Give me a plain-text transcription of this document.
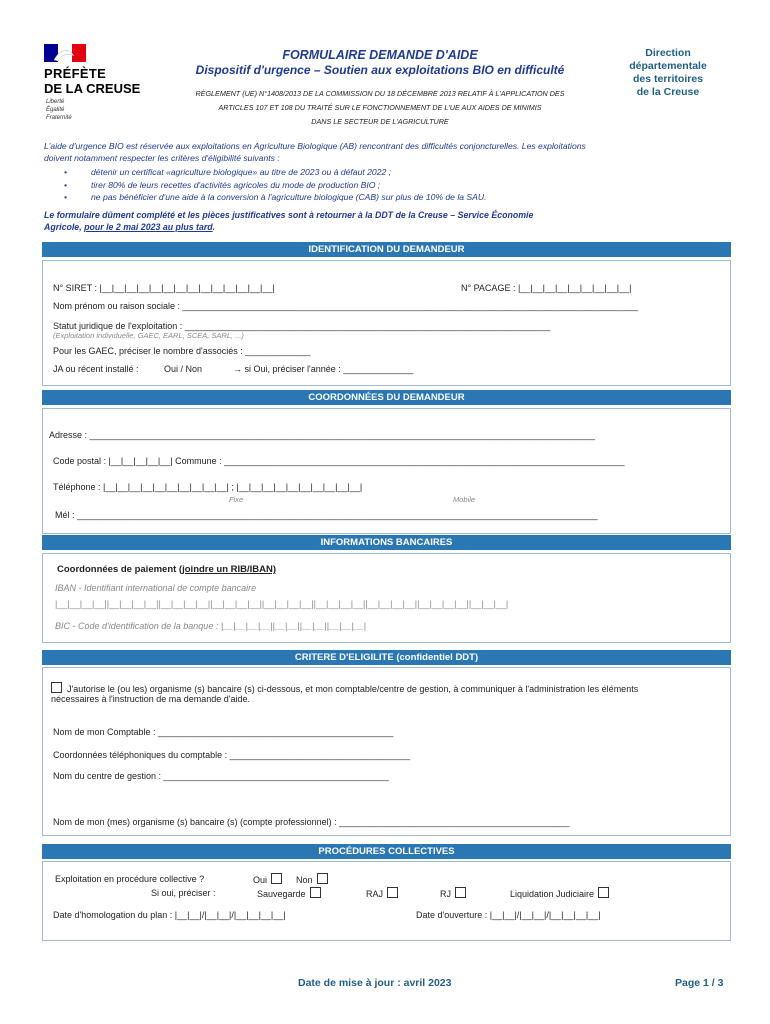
PRÉFÈTE
DE LA CREUSE
Liberté
Égalité
Fraternité
FORMULAIRE DEMANDE D'AIDE
Dispositif d'urgence – Soutien aux exploitations BIO en difficulté
RÈGLEMENT (UE) N°1408/2013 DE LA COMMISSION DU 18 DÉCEMBRE 2013 RELATIF À L'APPLICATION DES
ARTICLES 107 ET 108 DU TRAITÉ SUR LE FONCTIONNEMENT DE L'UE AUX AIDES DE MINIMIS
DANS LE SECTEUR DE L'AGRICULTURE
Direction
départementale
des territoires
de la Creuse
L'aide d'urgence BIO est réservée aux exploitations en Agriculture Biologique (AB) rencontrant des difficultés conjoncturelles. Les exploitations
doivent notamment respecter les critères d'éligibilité suivants :
•	détenir un certificat «agriculture biologique» au titre de 2023 ou à défaut 2022 ;
•	tirer 80% de leurs recettes d'activités agricoles du mode de production BIO ;
•	ne pas bénéficier d'une aide à la conversion à l'agriculture biologique (CAB) sur plus de 10% de la SAU.
Le formulaire dûment complété et les pièces justificatives sont à retourner à la DDT de la Creuse – Service Économie
Agricole, pour le 2 mai 2023 au plus tard.
IDENTIFICATION DU DEMANDEUR
N° SIRET : |__|__|__|__|__|__|__|__|__|__|__|__|__|__|	N° PACAGE : |__|__|__|__|__|__|__|__|__|
Nom prénom ou raison sociale : ___________________________________________________________________________________________
Statut juridique de l'exploitation : _________________________________________________________________________
(Exploitation individuelle, GAEC, EARL, SCEA, SARL, ...)
Pour les GAEC, préciser le nombre d'associés : _____________
JA ou récent installé :	Oui / Non	→ si Oui, préciser l'année : ______________
COORDONNÉES DU DEMANDEUR
Adresse : _____________________________________________________________________________________________________
Code postal : |__|__|__|__|__| Commune : ________________________________________________________________________________
Téléphone : |__|__|__|__|__|__|__|__|__|__| ; |__|__|__|__|__|__|__|__|__|__|
Fixe	Mobile
Mél : ________________________________________________________________________________________________________
INFORMATIONS BANCAIRES
Coordonnées de paiement (joindre un RIB/IBAN)
IBAN - Identifiant international de compte bancaire
|__|__|__|__||__|__|__|__||__|__|__|__||__|__|__|__||__|__|__|__||__|__|__|__||__|__|__|__||__|__|__|__||__|__|__|
BIC - Code d'identification de la banque : |__|__|__|__||__|__||__|__||__|__|__|
CRITERE D'ELIGILITE (confidentiel DDT)
J'autorise le (ou les) organisme (s) bancaire (s) ci-dessous, et mon comptable/centre de gestion, à communiquer à l'administration les éléments
nécessaires à l'instruction de ma demande d'aide.
Nom de mon Comptable : _______________________________________________
Coordonnées téléphoniques du comptable : ____________________________________
Nom du centre de gestion : _____________________________________________
Nom de mon (mes) organisme (s) bancaire (s) (compte professionnel) : ______________________________________________
PROCÉDURES COLLECTIVES
Exploitation en procédure collective ?	Oui	Non
Si oui, préciser :	Sauvegarde	RAJ	RJ	Liquidation Judiciaire
Date d'homologation du plan : |__|__|/|__|__|/|__|__|__|__|	Date d'ouverture : |__|__|/|__|__|/|__|__|__|__|
Date de mise à jour : avril 2023	Page 1 / 3
